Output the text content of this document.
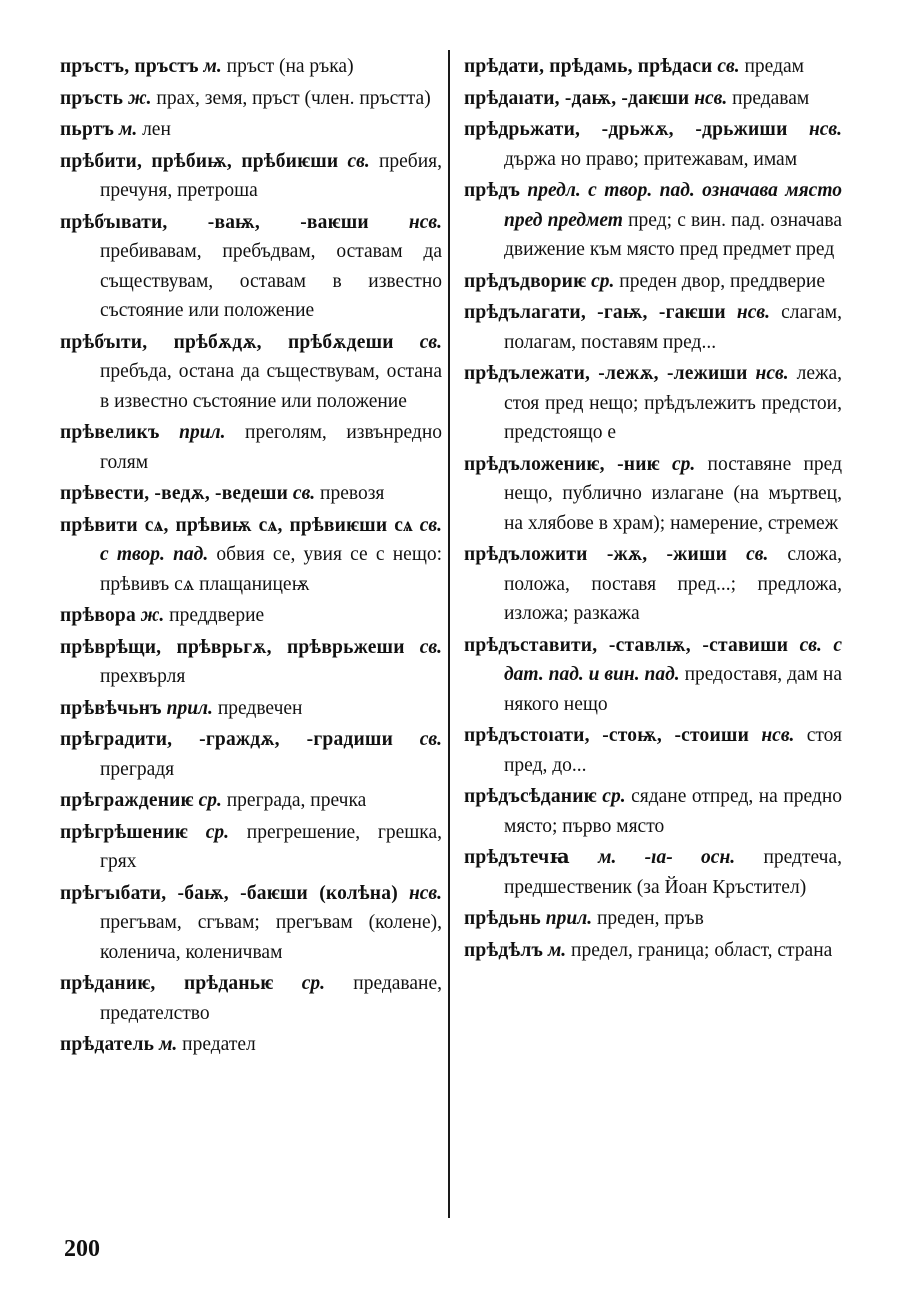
пръстъ, пръстъ м. пръст (на ръка)

пръсть ж. прах, земя, пръст (член. пръстта)

пьртъ м. лен

прѣбити, прѣбиѭ, прѣбиѥши св. пребия, пречуня, претроша

прѣбъıвати, -ваѭ, -ваѥши нсв. пребивавам, пребъдвам, оставам да съществувам, оставам в известно състояние или положение

прѣбъıти, прѣбѫдѫ, прѣбѫдеши св. пребъда, остана да съществувам, остана в известно състояние или положение

прѣвеликъ прил. преголям, извънредно голям

прѣвести, -ведѫ, -ведеши св. превозя

прѣвити сѧ, прѣвиѭ сѧ, прѣвиѥши сѧ св. с твор. пад. обвия се, увия се с нещо: прѣвивъ сѧ плащаницеѭ

прѣвора ж. преддверие

прѣврѣщи, прѣврьгѫ, прѣврьжеши св. прехвърля

прѣвѣчьнъ прил. предвечен

прѣградити, -граждѫ, -градиши св. преградя

прѣграждениѥ ср. преграда, пречка

прѣгрѣшениѥ ср. прегрешение, грешка, грях

прѣгъıбати, -баѭ, -баѥши (колѣна) нсв. прегъвам, сгъвам; прегъвам (колене), коленича, коленичвам

прѣданиѥ, прѣданьѥ ср. предаване, предателство

прѣдатель м. предател

прѣдати, прѣдамь, прѣдаси св. предам

прѣдаıати, -даѭ, -даѥши нсв. предавам

прѣдрьжати, -дрьжѫ, -дрьжиши нсв. държа но право; притежавам, имам

прѣдъ предл. с твор. пад. означава място пред предмет пред; с вин. пад. означава движение към място пред предмет пред

прѣдъдвориѥ ср. преден двор, преддверие

прѣдълагати, -гаѭ, -гаѥши нсв. слагам, полагам, поставям пред...

прѣдълежати, -лежѫ, -лежиши нсв. лежа, стоя пред нещо; прѣдълежитъ предстои, предстоящо е

прѣдъложениѥ, -ниѥ ср. поставяне пред нещо, публично излагане (на мъртвец, на хлябове в храм); намерение, стремеж

прѣдъложити -жѫ, -жиши св. сложа, положа, поставя пред...; предложа, изложа; разкажа

прѣдъставити, -ставлѭ, -ставиши св. с дат. пад. и вин. пад. предоставя, дам на някого нещо

прѣдъстоıати, -стоѭ, -стоиши нсв. стоя пред, до...

прѣдъсѣданиѥ ср. сядане отпред, на предно място; първо място

прѣдътечꙗ м. -ıа- осн. предтеча, предшественик (за Йоан Кръстител)

прѣдьнь прил. преден, пръв

прѣдѣлъ м. предел, граница; област, страна

200
